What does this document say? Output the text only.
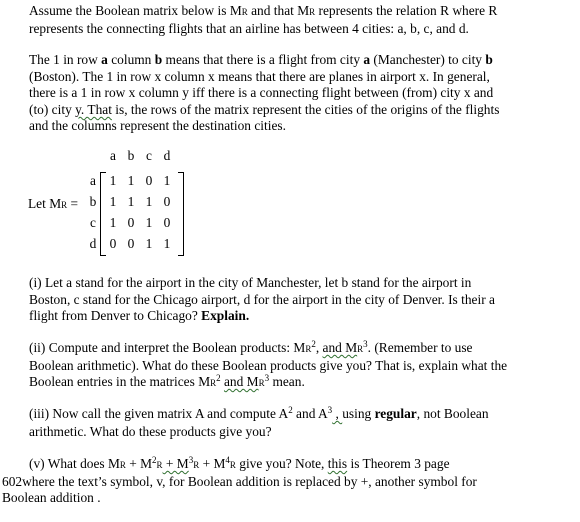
Assume the Boolean matrix below is MR and that MR represents the relation R where R
represents the connecting flights that an airline has between 4 cities: a, b, c, and d.
The 1 in row a column b means that there is a flight from city a (Manchester) to city b
(Boston). The 1 in row x column x means that there are planes in airport x. In general,
there is a 1 in row x column y iff there is a connecting flight between (from) city x and
(to) city y. That is, the rows of the matrix represent the cities of the origins of the flights
and the columns represent the destination cities.
Let MR =
a b c d
a
b
c
d
1 1 0 1
1 1 1 0
1 0 1 0
0 0 1 1
(i) Let a stand for the airport in the city of Manchester, let b stand for the airport in
Boston, c stand for the Chicago airport, d for the airport in the city of Denver. Is their a
flight from Denver to Chicago? Explain.
(ii) Compute and interpret the Boolean products: $MR^2$, and $MR^3$. (Remember to use
Boolean arithmetic). What do these Boolean products give you? That is, explain what the
Boolean entries in the matrices $MR^2$ and $MR^3$ mean.
(iii) Now call the given matrix A and compute $A^2$ and $A^3$ , using regular, not Boolean
arithmetic. What do these products give you?
(v) What does MR + $M^2R + M^3R + M^4R$ give you? Note, this is Theorem 3 page
602where the text’s symbol, v, for Boolean addition is replaced by +, another symbol for
Boolean addition .
